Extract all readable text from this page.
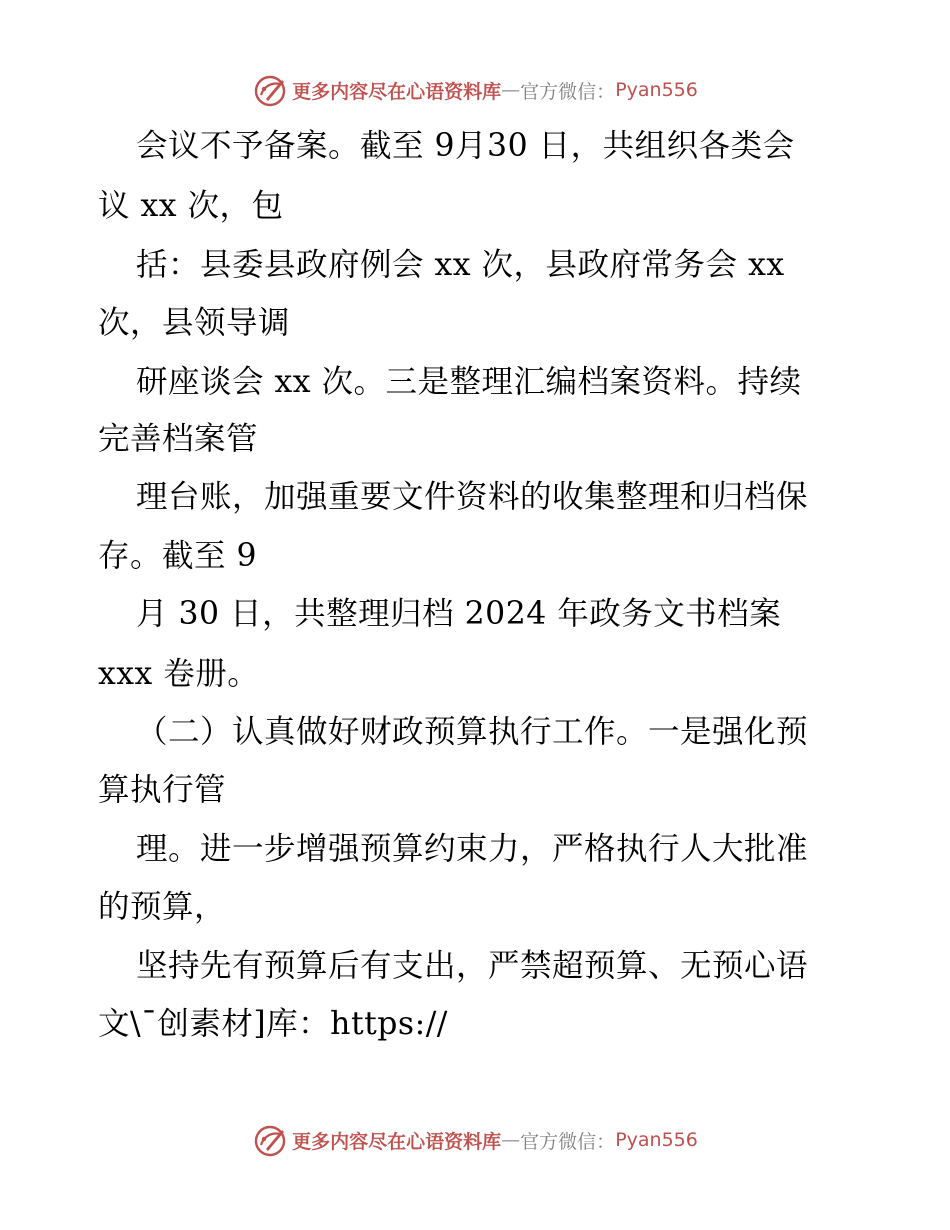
更多内容尽在心语资料库 — 官方微信： Pyan556
会议不予备案。截至 9月30 日，共组织各类会
议 xx 次，包
括：县委县政府例会 xx 次，县政府常务会 xx
次，县领导调
研座谈会 xx 次。三是整理汇编档案资料。持续
完善档案管
理台账，加强重要文件资料的收集整理和归档保
存。截至 9
月 30 日，共整理归档 2024 年政务文书档案
xxx 卷册。
（二）认真做好财政预算执行工作。一是强化预
算执行管
理。进一步增强预算约束力，严格执行人大批准
的预算，
坚持先有预算后有支出，严禁超预算、无预心语
文\¯创素材]库：https://
更多内容尽在心语资料库 — 官方微信： Pyan556
